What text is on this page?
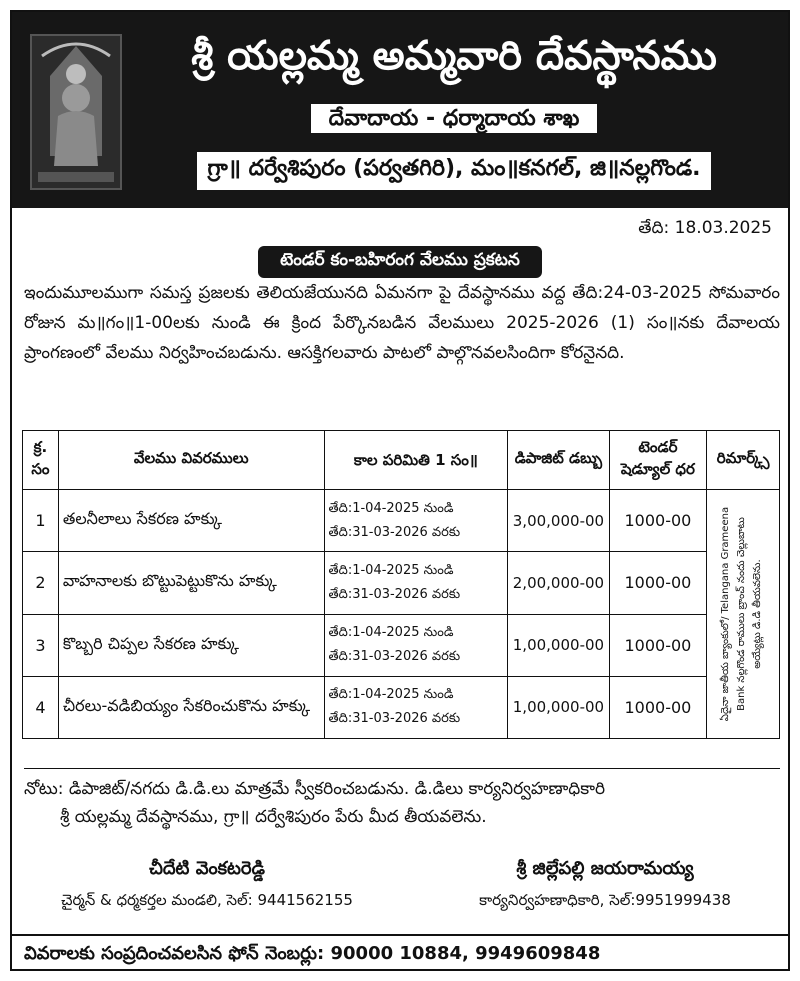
శ్రీ యల్లమ్మ అమ్మవారి దేవస్థానము
దేవాదాయ - ధర్మాదాయ శాఖ
గ్రా॥ దర్వేశిపురం (పర్వతగిరి), మం॥కనగల్, జి॥నల్లగొండ.
తేది: 18.03.2025
టెండర్ కం-బహిరంగ వేలము ప్రకటన

ఇందుమూలముగా సమస్త ప్రజలకు తెలియజేయునది ఏమనగా పై దేవస్థానము వద్ద తేది:24-03-2025 సోమవారం రోజున మ॥గం॥1-00లకు నుండి ఈ క్రింద పేర్కొనబడిన వేలములు 2025-2026 (1) సం॥నకు దేవాలయ ప్రాంగణంలో వేలము నిర్వహించబడును. ఆసక్తిగలవారు పాటలో పాల్గొనవలసిందిగా కోరనైనది.

క్ర. సం	వేలము వివరములు	కాల పరిమితి 1 సం॥	డిపాజిట్ డబ్బు	టెండర్ షెడ్యూల్ ధర	రిమార్క్స్
1	తలనీలాలు సేకరణ హక్కు	తేది:1-04-2025 నుండి
తేది:31-03-2026 వరకు	3,00,000-00	1000-00	ఏదైనా జాతీయ బ్యాంకులో/ Telangana Grameena Bank నల్లగొండ రాములు బ్రాంచ్ నందు చెల్లుబాటు అయ్యేట్లు డి.డి తీయవలెను.

2	వాహనాలకు బొట్టుపెట్టుకొను హక్కు	తేది:1-04-2025 నుండి
తేది:31-03-2026 వరకు	2,00,000-00	1000-00	
3	కొబ్బరి చిప్పల సేకరణ హక్కు	తేది:1-04-2025 నుండి
తేది:31-03-2026 వరకు	1,00,000-00	1000-00	
4	చీరలు-వడిబియ్యం సేకరించుకొను హక్కు	తేది:1-04-2025 నుండి
తేది:31-03-2026 వరకు	1,00,000-00	1000-00	
నోటు: డిపాజిట్/నగదు డి.డి.లు మాత్రమే స్వీకరించబడును. డి.డిలు కార్యనిర్వహణాధికారి
శ్రీ యల్లమ్మ దేవస్థానము, గ్రా॥ దర్వేశిపురం పేరు మీద తీయవలెను.
చీదేటి వెంకటరెడ్డి
చైర్మన్ & ధర్మకర్తల మండలి, సెల్: 9441562155
శ్రీ జిల్లేపల్లి జయరామయ్య
కార్యనిర్వహణాధికారి, సెల్:9951999438
వివరాలకు సంప్రదించవలసిన ఫోన్ నెంబర్లు: 90000 10884, 9949609848
